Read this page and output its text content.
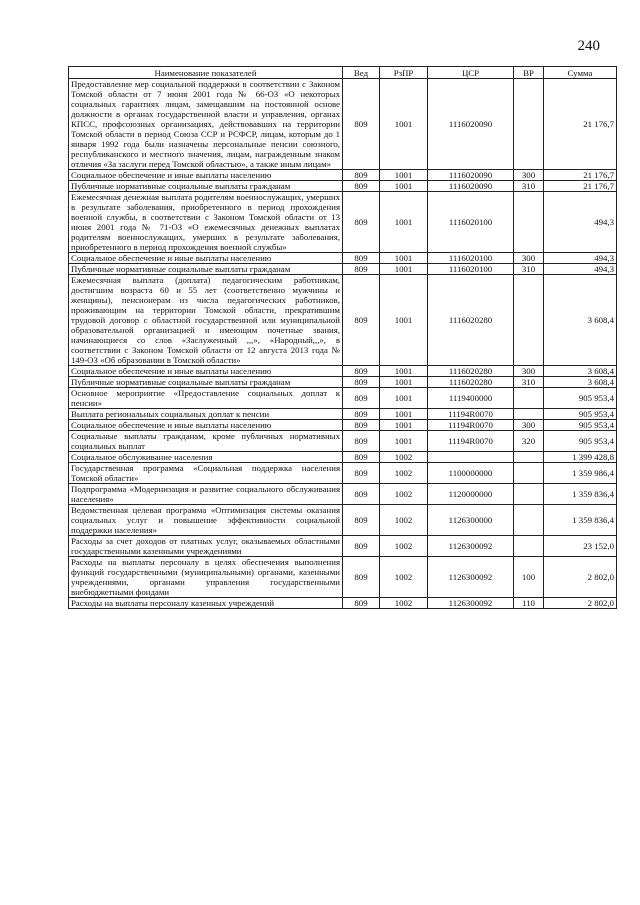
240
Наименование показателей	Вед	РзПР	ЦСР	ВР	Сумма
Предоставление мер социальной поддержки в соответствии с Законом Томской области от 7 июня 2001 года № 66-ОЗ «О некоторых социальных гарантиях лицам, замещавшим на постоянной основе должности в органах государственной власти и управления, органах КПСС, профсоюзных организациях, действовавших на территории Томской области в период Союза ССР и РСФСР, лицам, которым до 1 января 1992 года были назначены персональные пенсии союзного, республиканского и местного значения, лицам, награжденным знаком отличия «За заслуги перед Томской областью», а также иным лицам»	809	1001	1116020090		21 176,7
Социальное обеспечение и иные выплаты населению	809	1001	1116020090	300	21 176,7
Публичные нормативные социальные выплаты гражданам	809	1001	1116020090	310	21 176,7
Ежемесячная денежная выплата родителям военнослужащих, умерших в результате заболевания, приобретенного в период прохождения военной службы, в соответствии с Законом Томской области от 13 июня 2001 года № 71-ОЗ «О ежемесячных денежных выплатах родителям военнослужащих, умерших в результате заболевания, приобретенного в период прохождения военной службы»	809	1001	1116020100		494,3
Социальное обеспечение и иные выплаты населению	809	1001	1116020100	300	494,3
Публичные нормативные социальные выплаты гражданам	809	1001	1116020100	310	494,3
Ежемесячная выплата (доплата) педагогическим работникам, достигшим возраста 60 и 55 лет (соответственно мужчины и женщины), пенсионерам из числа педагогических работников, проживающим на территории Томской области, прекратившим трудовой договор с областной государственной или муниципальной образовательной организацией и имеющим почетные звания, начинающиеся со слов «Заслуженный ,,,», «Народный,,,», в соответствии с Законом Томской области от 12 августа 2013 года № 149-ОЗ «Об образовании в Томской области»	809	1001	1116020280		3 608,4
Социальное обеспечение и иные выплаты населению	809	1001	1116020280	300	3 608,4
Публичные нормативные социальные выплаты гражданам	809	1001	1116020280	310	3 608,4
Основное мероприятие «Предоставление социальных доплат к пенсии»	809	1001	1119400000		905 953,4
Выплата региональных социальных доплат к пенсии	809	1001	11194R0070		905 953,4
Социальное обеспечение и иные выплаты населению	809	1001	11194R0070	300	905 953,4
Социальные выплаты гражданам, кроме публичных нормативных социальных выплат	809	1001	11194R0070	320	905 953,4
Социальное обслуживание населения	809	1002			1 399 428,8
Государственная программа «Социальная поддержка населения Томской области»	809	1002	1100000000		1 359 986,4
Подпрограмма «Модернизация и развитие социального обслуживания населения»	809	1002	1120000000		1 359 836,4
Ведомственная целевая программа «Оптимизация системы оказания социальных услуг и повышение эффективности социальной поддержки населения»	809	1002	1126300000		1 359 836,4
Расходы за счет доходов от платных услуг, оказываемых областными государственными казенными учреждениями	809	1002	1126300092		23 152,0
Расходы на выплаты персоналу в целях обеспечения выполнения функций государственными (муниципальными) органами, казенными учреждениями, органами управления государственными внебюджетными фондами	809	1002	1126300092	100	2 802,0
Расходы на выплаты персоналу казенных учреждений	809	1002	1126300092	110	2 802,0
